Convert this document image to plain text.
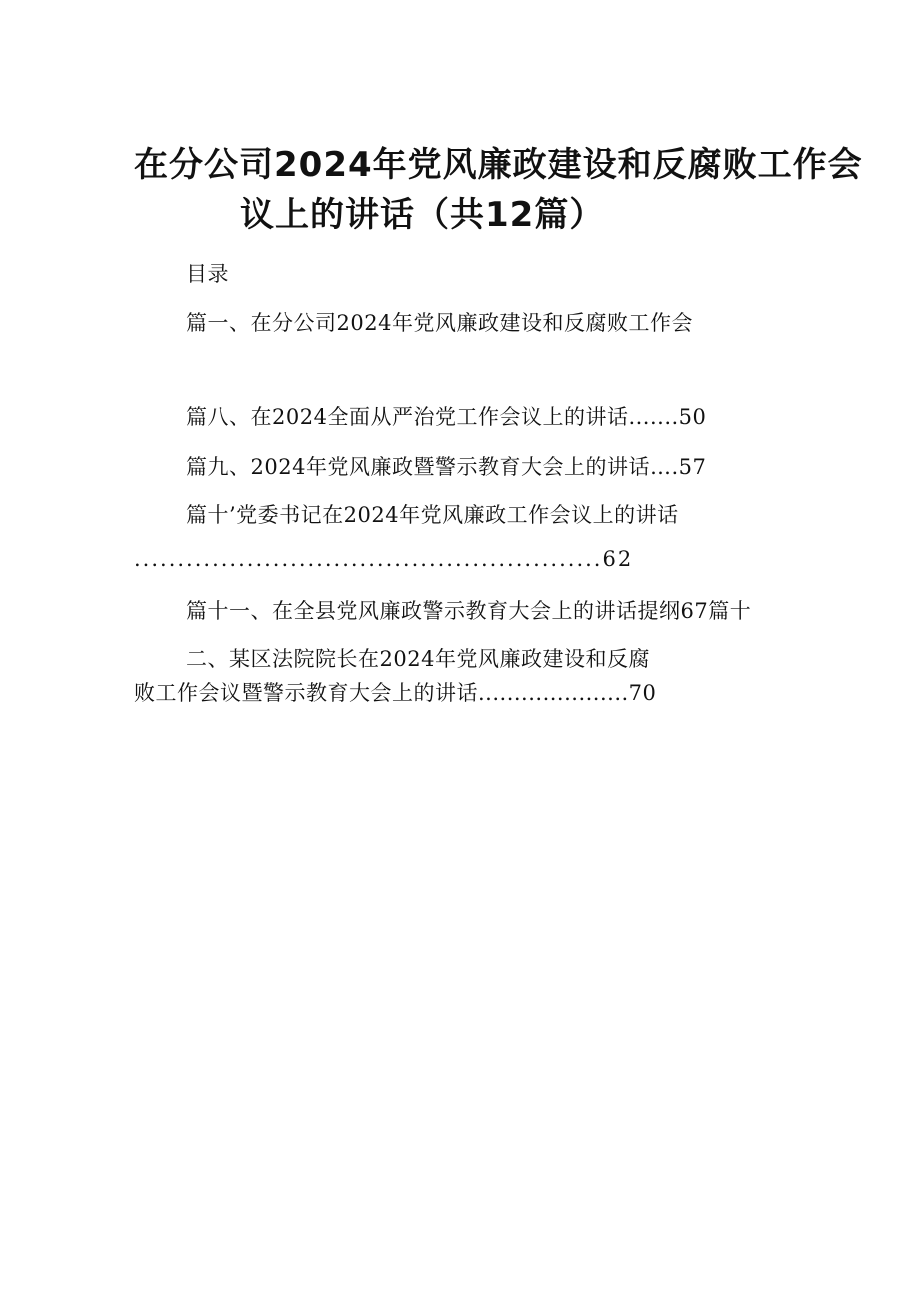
在分公司2024年党风廉政建设和反腐败工作会
议上的讲话（共12篇）
目录
篇一、在分公司2024年党风廉政建设和反腐败工作会
篇八、在2024全面从严治党工作会议上的讲话.......50
篇九、2024年党风廉政暨警示教育大会上的讲话….57
篇十’党委书记在2024年党风廉政工作会议上的讲话
......................................................62
篇十一、在全县党风廉政警示教育大会上的讲话提纲67篇十
二、某区法院院长在2024年党风廉政建设和反腐
败工作会议暨警示教育大会上的讲话.....................70
